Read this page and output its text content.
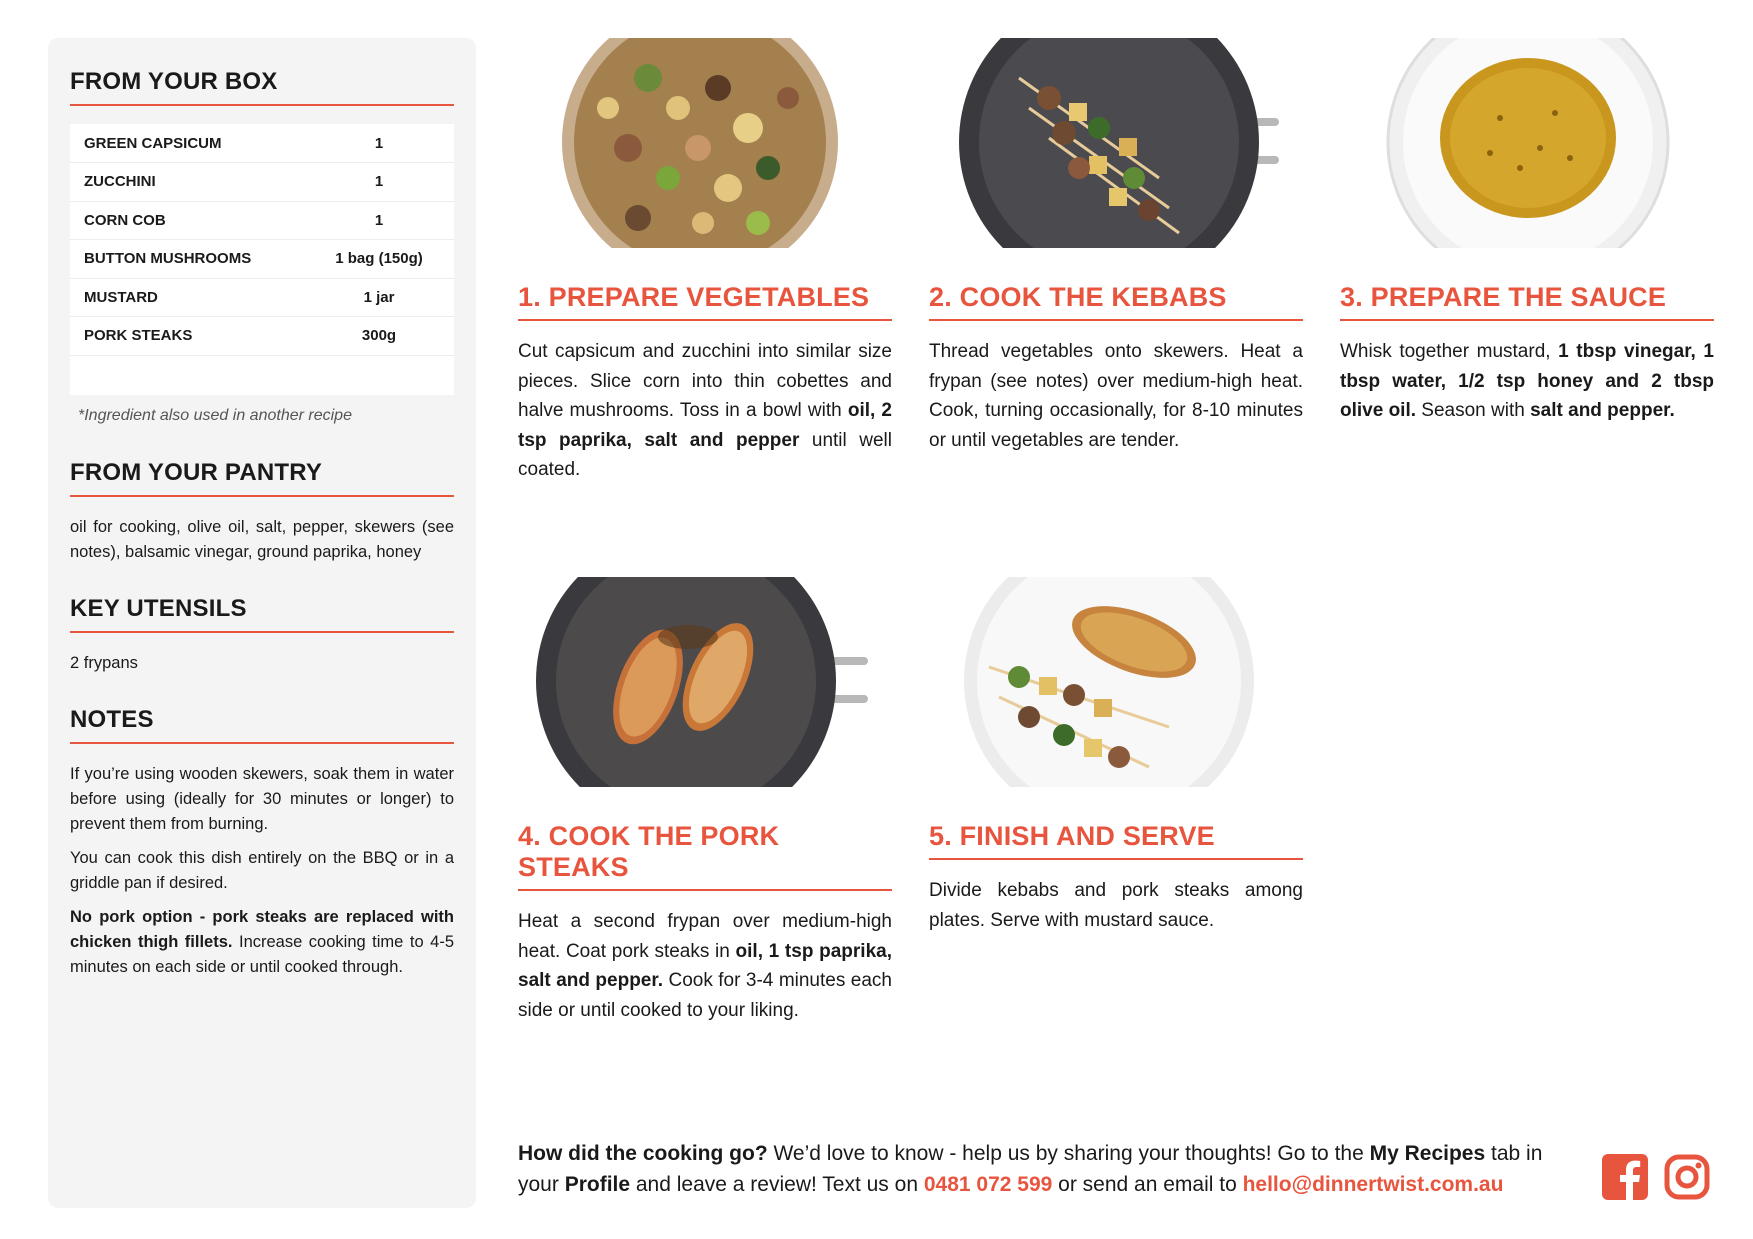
FROM YOUR BOX
GREEN CAPSICUM	1
ZUCCHINI	1
CORN COB	1
BUTTON MUSHROOMS	1 bag (150g)
MUSTARD	1 jar
PORK STEAKS	300g

*Ingredient also used in another recipe
FROM YOUR PANTRY
oil for cooking, olive oil, salt, pepper, skewers (see notes), balsamic vinegar, ground paprika, honey
KEY UTENSILS
2 frypans
NOTES

If you’re using wooden skewers, soak them in water before using (ideally for 30 minutes or longer) to prevent them from burning.

You can cook this dish entirely on the BBQ or in a griddle pan if desired.

No pork option - pork steaks are replaced with chicken thigh fillets. Increase cooking time to 4-5 minutes on each side or until cooked through.

1. PREPARE VEGETABLES
Cut capsicum and zucchini into similar size pieces. Slice corn into thin cobettes and halve mushrooms. Toss in a bowl with oil, 2 tsp paprika, salt and pepper until well coated.
2. COOK THE KEBABS
Thread vegetables onto skewers. Heat a frypan (see notes) over medium-high heat. Cook, turning occasionally, for 8-10 minutes or until vegetables are tender.
3. PREPARE THE SAUCE
Whisk together mustard, 1 tbsp vinegar, 1 tbsp water, 1/2 tsp honey and 2 tbsp olive oil. Season with salt and pepper.
4. COOK THE PORK STEAKS
Heat a second frypan over medium-high heat. Coat pork steaks in oil, 1 tsp paprika, salt and pepper. Cook for 3-4 minutes each side or until cooked to your liking.
5. FINISH AND SERVE
Divide kebabs and pork steaks among plates. Serve with mustard sauce.
How did the cooking go? We’d love to know - help us by sharing your thoughts! Go to the My Recipes tab in your Profile and leave a review! Text us on 0481 072 599 or send an email to hello@dinnertwist.com.au
